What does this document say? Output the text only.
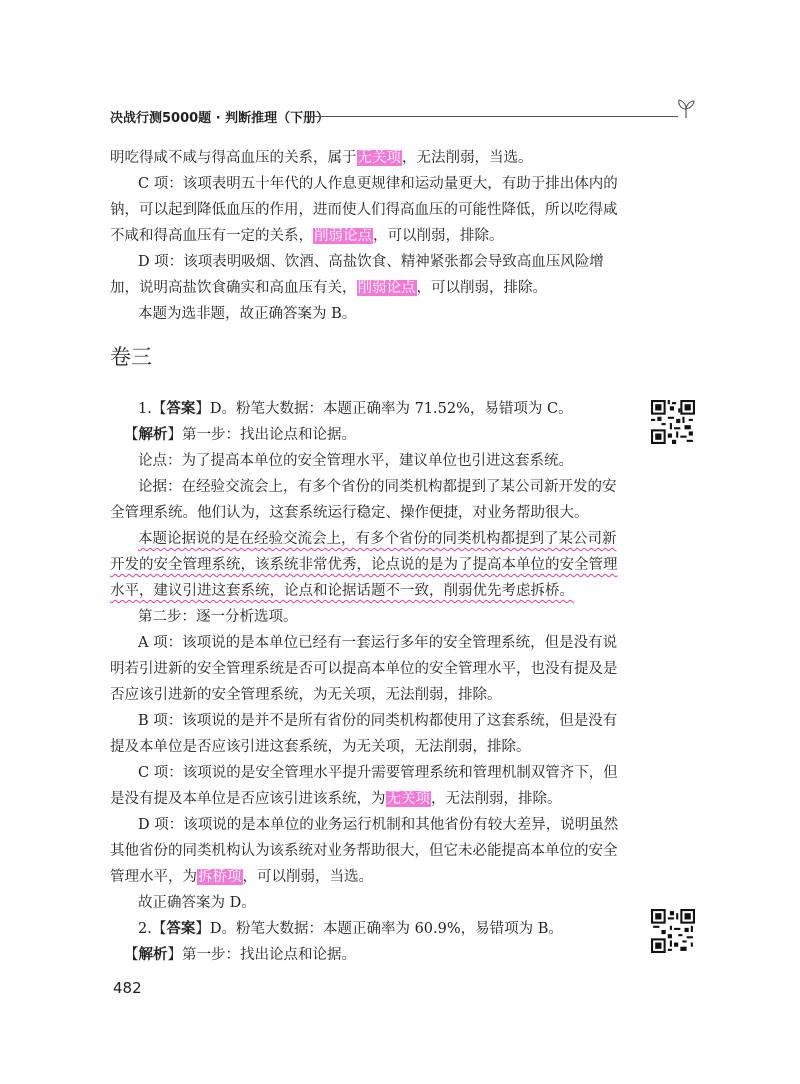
决战行测5000题 · 判断推理（下册）

明吃得咸不咸与得高血压的关系，属于无关项，无法削弱，当选。

C 项：该项表明五十年代的人作息更规律和运动量更大，有助于排出体内的钠，可以起到降低血压的作用，进而使人们得高血压的可能性降低，所以吃得咸不咸和得高血压有一定的关系，削弱论点，可以削弱，排除。

D 项：该项表明吸烟、饮酒、高盐饮食、精神紧张都会导致高血压风险增加，说明高盐饮食确实和高血压有关，削弱论点，可以削弱，排除。

本题为选非题，故正确答案为 B。

卷三

1.【答案】D。粉笔大数据：本题正确率为 71.52%，易错项为 C。

【解析】第一步：找出论点和论据。

论点：为了提高本单位的安全管理水平，建议单位也引进这套系统。

论据：在经验交流会上，有多个省份的同类机构都提到了某公司新开发的安全管理系统。他们认为，这套系统运行稳定、操作便捷，对业务帮助很大。

本题论据说的是在经验交流会上，有多个省份的同类机构都提到了某公司新开发的安全管理系统，该系统非常优秀，论点说的是为了提高本单位的安全管理水平，建议引进这套系统，论点和论据话题不一致，削弱优先考虑拆桥。

第二步：逐一分析选项。

A 项：该项说的是本单位已经有一套运行多年的安全管理系统，但是没有说明若引进新的安全管理系统是否可以提高本单位的安全管理水平，也没有提及是否应该引进新的安全管理系统，为无关项，无法削弱，排除。

B 项：该项说的是并不是所有省份的同类机构都使用了这套系统，但是没有提及本单位是否应该引进这套系统，为无关项，无法削弱，排除。

C 项：该项说的是安全管理水平提升需要管理系统和管理机制双管齐下，但是没有提及本单位是否应该引进该系统，为无关项，无法削弱，排除。

D 项：该项说的是本单位的业务运行机制和其他省份有较大差异，说明虽然其他省份的同类机构认为该系统对业务帮助很大，但它未必能提高本单位的安全管理水平，为拆桥项，可以削弱，当选。

故正确答案为 D。

2.【答案】D。粉笔大数据：本题正确率为 60.9%，易错项为 B。

【解析】第一步：找出论点和论据。

482
